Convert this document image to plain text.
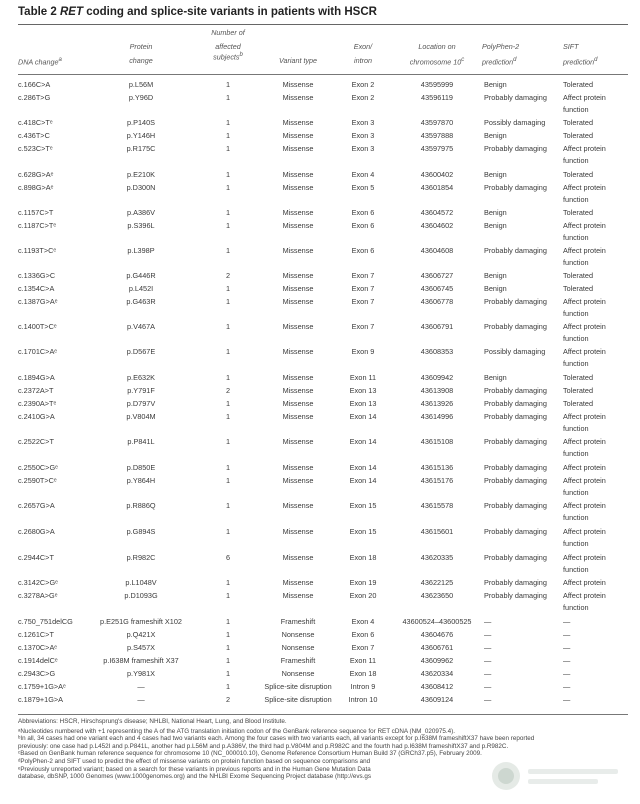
Table 2 RET coding and splice-site variants in patients with HSCR
DNA change$^a$
Protein
change
Number of
affected
subjects$^b$
Variant type
Exon/
intron
Location on
chromosome 10$^c$
PolyPhen-2
prediction$^d$
SIFT
prediction$^d$
c.166C>A	p.L56M	1	Missense	Exon 2	43595999	Benign	Tolerated
c.286T>G	p.Y96D	1	Missense	Exon 2	43596119	Probably damaging Affect protein
function
c.418C>Tᵉ	p.P140S	1	Missense	Exon 3	43597870	Possibly damaging Tolerated
c.436T>C	p.Y146H	1	Missense	Exon 3	43597888	Benign	Tolerated
c.523C>Tᵉ	p.R175C	1	Missense	Exon 3	43597975	Probably damaging Affect protein
function
c.628G>Aᵉ	p.E210K	1	Missense	Exon 4	43600402	Benign	Tolerated
c.898G>Aᵉ	p.D300N	1	Missense	Exon 5	43601854	Probably damaging Affect protein
function
c.1157C>T	p.A386V	1	Missense	Exon 6	43604572	Benign	Tolerated
c.1187C>Tᵉ	p.S396L	1	Missense	Exon 6	43604602	Benign	Affect protein
function
c.1193T>Cᵉ	p.L398P	1	Missense	Exon 6	43604608	Probably damaging Affect protein
function
c.1336G>C	p.G446R	2	Missense	Exon 7	43606727	Benign	Tolerated
c.1354C>A	p.L452I	1	Missense	Exon 7	43606745	Benign	Tolerated
c.1387G>Aᵉ	p.G463R	1	Missense	Exon 7	43606778	Probably damaging Affect protein
function
c.1400T>Cᵉ	p.V467A	1	Missense	Exon 7	43606791	Probably damaging Affect protein
function
c.1701C>Aᵉ	p.D567E	1	Missense	Exon 9	43608353	Possibly damaging Affect protein
function
c.1894G>A	p.E632K	1	Missense	Exon 11	43609942	Benign	Tolerated
c.2372A>T	p.Y791F	2	Missense	Exon 13	43613908	Probably damaging Tolerated
c.2390A>Tᵉ	p.D797V	1	Missense	Exon 13	43613926	Probably damaging Tolerated
c.2410G>A	p.V804M	1	Missense	Exon 14	43614996	Probably damaging Affect protein
function
c.2522C>T	p.P841L	1	Missense	Exon 14	43615108	Probably damaging Affect protein
function
c.2550C>Gᵉ	p.D850E	1	Missense	Exon 14	43615136	Probably damaging Affect protein
c.2590T>Cᵉ	p.Y864H	1	Missense	Exon 14	43615176	Probably damaging Affect protein
function
c.2657G>A	p.R886Q	1	Missense	Exon 15	43615578	Probably damaging Affect protein
function
c.2680G>A	p.G894S	1	Missense	Exon 15	43615601	Probably damaging Affect protein
function
c.2944C>T	p.R982C	6	Missense	Exon 18	43620335	Probably damaging Affect protein
function
c.3142C>Gᵉ	p.L1048V	1	Missense	Exon 19	43622125	Probably damaging Affect protein
c.3278A>Gᵉ	p.D1093G	1	Missense	Exon 20	43623650	Probably damaging Affect protein
function
c.750_751delCG	p.E251G frameshift X102	1	Frameshift	Exon 4	43600524–43600525	—	—
c.1261C>T	p.Q421X	1	Nonsense	Exon 6	43604676	—	—
c.1370C>Aᵉ	p.S457X	1	Nonsense	Exon 7	43606761	—	—
c.1914delCᵉ	p.I638M frameshift X37	1	Frameshift	Exon 11	43609962	—	—
c.2943C>G	p.Y981X	1	Nonsense	Exon 18	43620334	—	—
c.1759+1G>Aᵉ	—	1	Splice-site disruption	Intron 9	43608412	—	—
c.1879+1G>A	—	2	Splice-site disruption	Intron 10	43609124	—	—

Abbreviations: HSCR, Hirschsprung's disease; NHLBI, National Heart, Lung, and Blood Institute.

ᵃNucleotides numbered with +1 representing the A of the ATG translation initiation codon of the GenBank reference sequence for RET cDNA (NM_020975.4).

ᵇIn all, 34 cases had one variant each and 4 cases had two variants each. Among the four cases with two variants each, all variants except for p.I638M frameshiftX37 have been reported

previously: one case had p.L452I and p.P841L, another had p.L56M and p.A386V, the third had p.V804M and p.R982C and the fourth had p.I638M frameshiftX37 and p.R982C.

ᶜBased on GenBank human reference sequence for chromosome 10 (NC_000010.10), Genome Reference Consortium Human Build 37 (GRCh37.p5), February 2009.

ᵈPolyPhen-2 and SIFT used to predict the effect of missense variants on protein function based on sequence comparisons and

ᵉPreviously unreported variant; based on a search for these variants in previous reports and in the Human Gene Mutation Data

database, dbSNP, 1000 Genomes (www.1000genomes.org) and the NHLBI Exome Sequencing Project database (http://evs.gs
